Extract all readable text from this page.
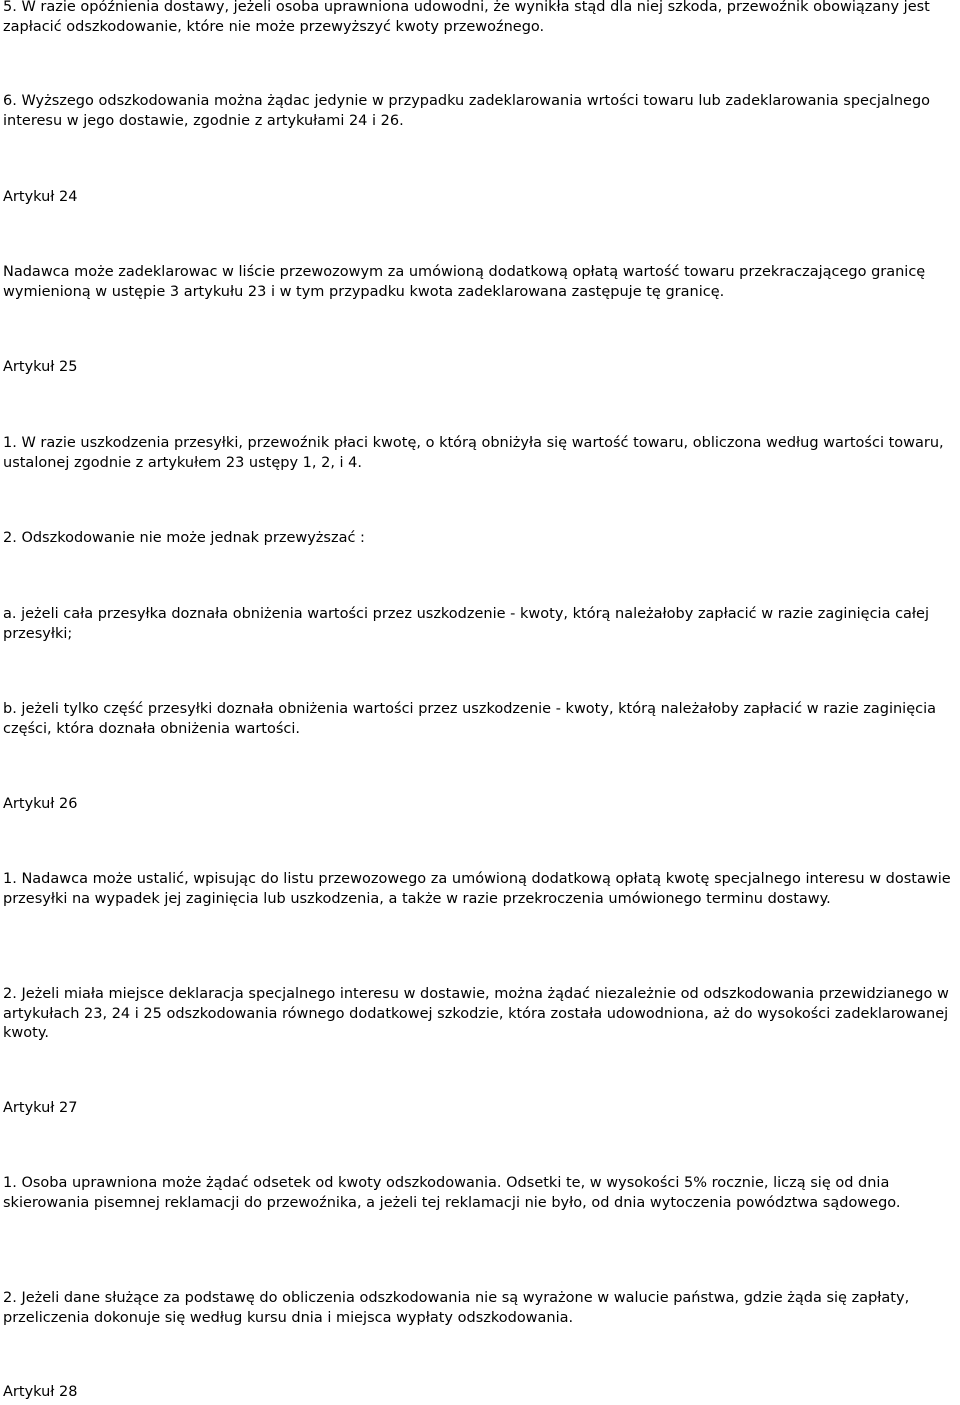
5. W razie opóźnienia dostawy, jeżeli osoba uprawniona udowodni, że wynikła stąd dla niej szkoda, przewoźnik obowiązany jest zapłacić odszkodowanie, które nie może przewyższyć kwoty przewoźnego.

6. Wyższego odszkodowania można żądac jedynie w przypadku zadeklarowania wrtości towaru lub zadeklarowania specjalnego interesu w jego dostawie, zgodnie z artykułami 24 i 26.

Artykuł 24

Nadawca może zadeklarowac w liście przewozowym za umówioną dodatkową opłatą wartość towaru przekraczającego granicę wymienioną w ustępie 3 artykułu 23 i w tym przypadku kwota zadeklarowana zastępuje tę granicę.

Artykuł 25

1. W razie uszkodzenia przesyłki, przewoźnik płaci kwotę, o którą obniżyła się wartość towaru, obliczona według wartości towaru, ustalonej zgodnie z artykułem 23 ustępy 1, 2, i 4.

2. Odszkodowanie nie może jednak przewyższać :

a. jeżeli cała przesyłka doznała obniżenia wartości przez uszkodzenie - kwoty, którą należałoby zapłacić w razie zaginięcia całej przesyłki;

b. jeżeli tylko część przesyłki doznała obniżenia wartości przez uszkodzenie - kwoty, którą należałoby zapłacić w razie zaginięcia części, która doznała obniżenia wartości.

Artykuł 26

1. Nadawca może ustalić, wpisując do listu przewozowego za umówioną dodatkową opłatą kwotę specjalnego interesu w dostawie przesyłki na wypadek jej zaginięcia lub uszkodzenia, a także w razie przekroczenia umówionego terminu dostawy.

2. Jeżeli miała miejsce deklaracja specjalnego interesu w dostawie, można żądać niezależnie od odszkodowania przewidzianego w artykułach 23, 24 i 25 odszkodowania równego dodatkowej szkodzie, która została udowodniona, aż do wysokości zadeklarowanej kwoty.

Artykuł 27

1. Osoba uprawniona może żądać odsetek od kwoty odszkodowania. Odsetki te, w wysokości 5% rocznie, liczą się od dnia skierowania pisemnej reklamacji do przewoźnika, a jeżeli tej reklamacji nie było, od dnia wytoczenia powództwa sądowego.

2. Jeżeli dane służące za podstawę do obliczenia odszkodowania nie są wyrażone w walucie państwa, gdzie żąda się zapłaty, przeliczenia dokonuje się według kursu dnia i miejsca wypłaty odszkodowania.

Artykuł 28
